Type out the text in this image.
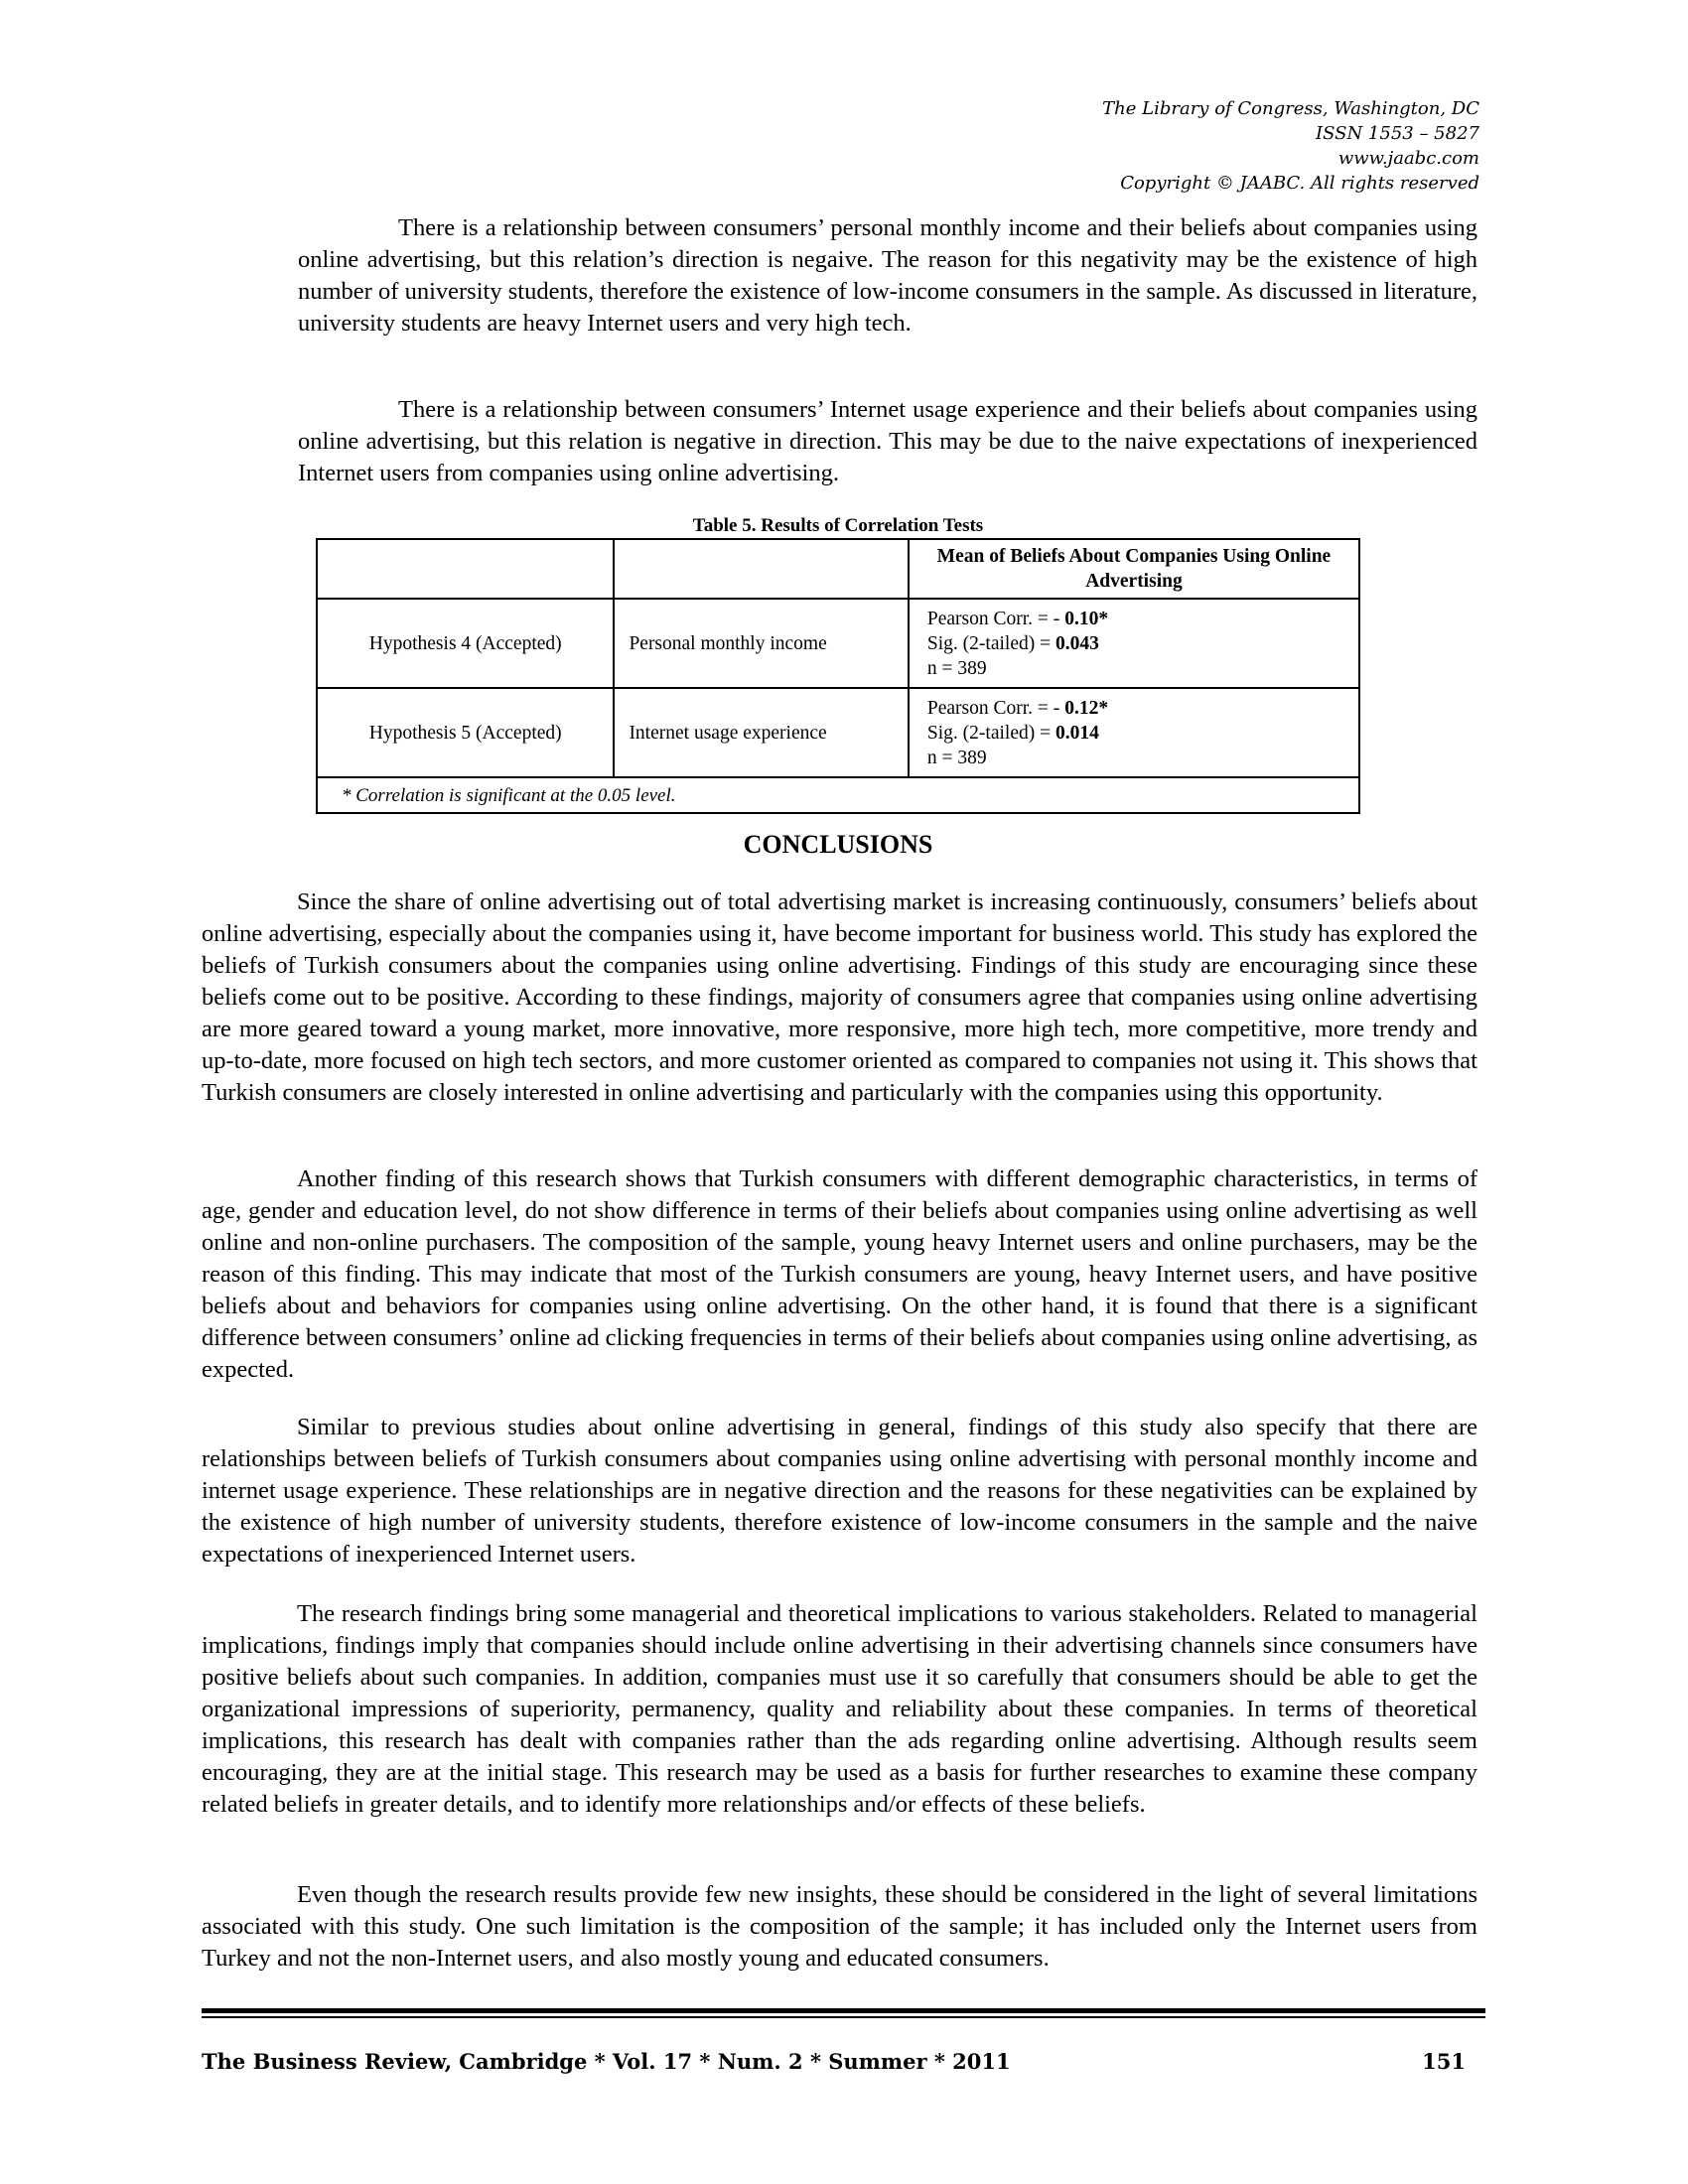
The Library of Congress, Washington, DC
ISSN 1553 – 5827
www.jaabc.com
Copyright © JAABC. All rights reserved

There is a relationship between consumers’ personal monthly income and their beliefs about companies using online advertising, but this relation’s direction is negaive. The reason for this negativity may be the existence of high number of university students, therefore the existence of low-income consumers in the sample. As discussed in literature, university students are heavy Internet users and very high tech.

There is a relationship between consumers’ Internet usage experience and their beliefs about companies using online advertising, but this relation is negative in direction. This may be due to the naive expectations of inexperienced Internet users from companies using online advertising.

Table 5. Results of Correlation Tests
		Mean of Beliefs About Companies Using Online Advertising
Hypothesis 4 (Accepted)	Personal monthly income	Pearson Corr. = - 0.10*
Sig. (2-tailed) = 0.043
n = 389

Hypothesis 5 (Accepted)	Internet usage experience	Pearson Corr. = - 0.12*
Sig. (2-tailed) = 0.014
n = 389

* Correlation is significant at the 0.05 level.		
CONCLUSIONS

Since the share of online advertising out of total advertising market is increasing continuously, consumers’ beliefs about online advertising, especially about the companies using it, have become important for business world. This study has explored the beliefs of Turkish consumers about the companies using online advertising. Findings of this study are encouraging since these beliefs come out to be positive. According to these findings, majority of consumers agree that companies using online advertising are more geared toward a young market, more innovative, more responsive, more high tech, more competitive, more trendy and up-to-date, more focused on high tech sectors, and more customer oriented as compared to companies not using it. This shows that Turkish consumers are closely interested in online advertising and particularly with the companies using this opportunity.

Another finding of this research shows that Turkish consumers with different demographic characteristics, in terms of age, gender and education level, do not show difference in terms of their beliefs about companies using online advertising as well online and non-online purchasers. The composition of the sample, young heavy Internet users and online purchasers, may be the reason of this finding. This may indicate that most of the Turkish consumers are young, heavy Internet users, and have positive beliefs about and behaviors for companies using online advertising. On the other hand, it is found that there is a significant difference between consumers’ online ad clicking frequencies in terms of their beliefs about companies using online advertising, as expected.

Similar to previous studies about online advertising in general, findings of this study also specify that there are relationships between beliefs of Turkish consumers about companies using online advertising with personal monthly income and internet usage experience. These relationships are in negative direction and the reasons for these negativities can be explained by the existence of high number of university students, therefore existence of low-income consumers in the sample and the naive expectations of inexperienced Internet users.

The research findings bring some managerial and theoretical implications to various stakeholders. Related to managerial implications, findings imply that companies should include online advertising in their advertising channels since consumers have positive beliefs about such companies. In addition, companies must use it so carefully that consumers should be able to get the organizational impressions of superiority, permanency, quality and reliability about these companies. In terms of theoretical implications, this research has dealt with companies rather than the ads regarding online advertising. Although results seem encouraging, they are at the initial stage. This research may be used as a basis for further researches to examine these company related beliefs in greater details, and to identify more relationships and/or effects of these beliefs.

Even though the research results provide few new insights, these should be considered in the light of several limitations associated with this study. One such limitation is the composition of the sample; it has included only the Internet users from Turkey and not the non-Internet users, and also mostly young and educated consumers.

The Business Review, Cambridge * Vol. 17 * Num. 2 * Summer * 2011	151
